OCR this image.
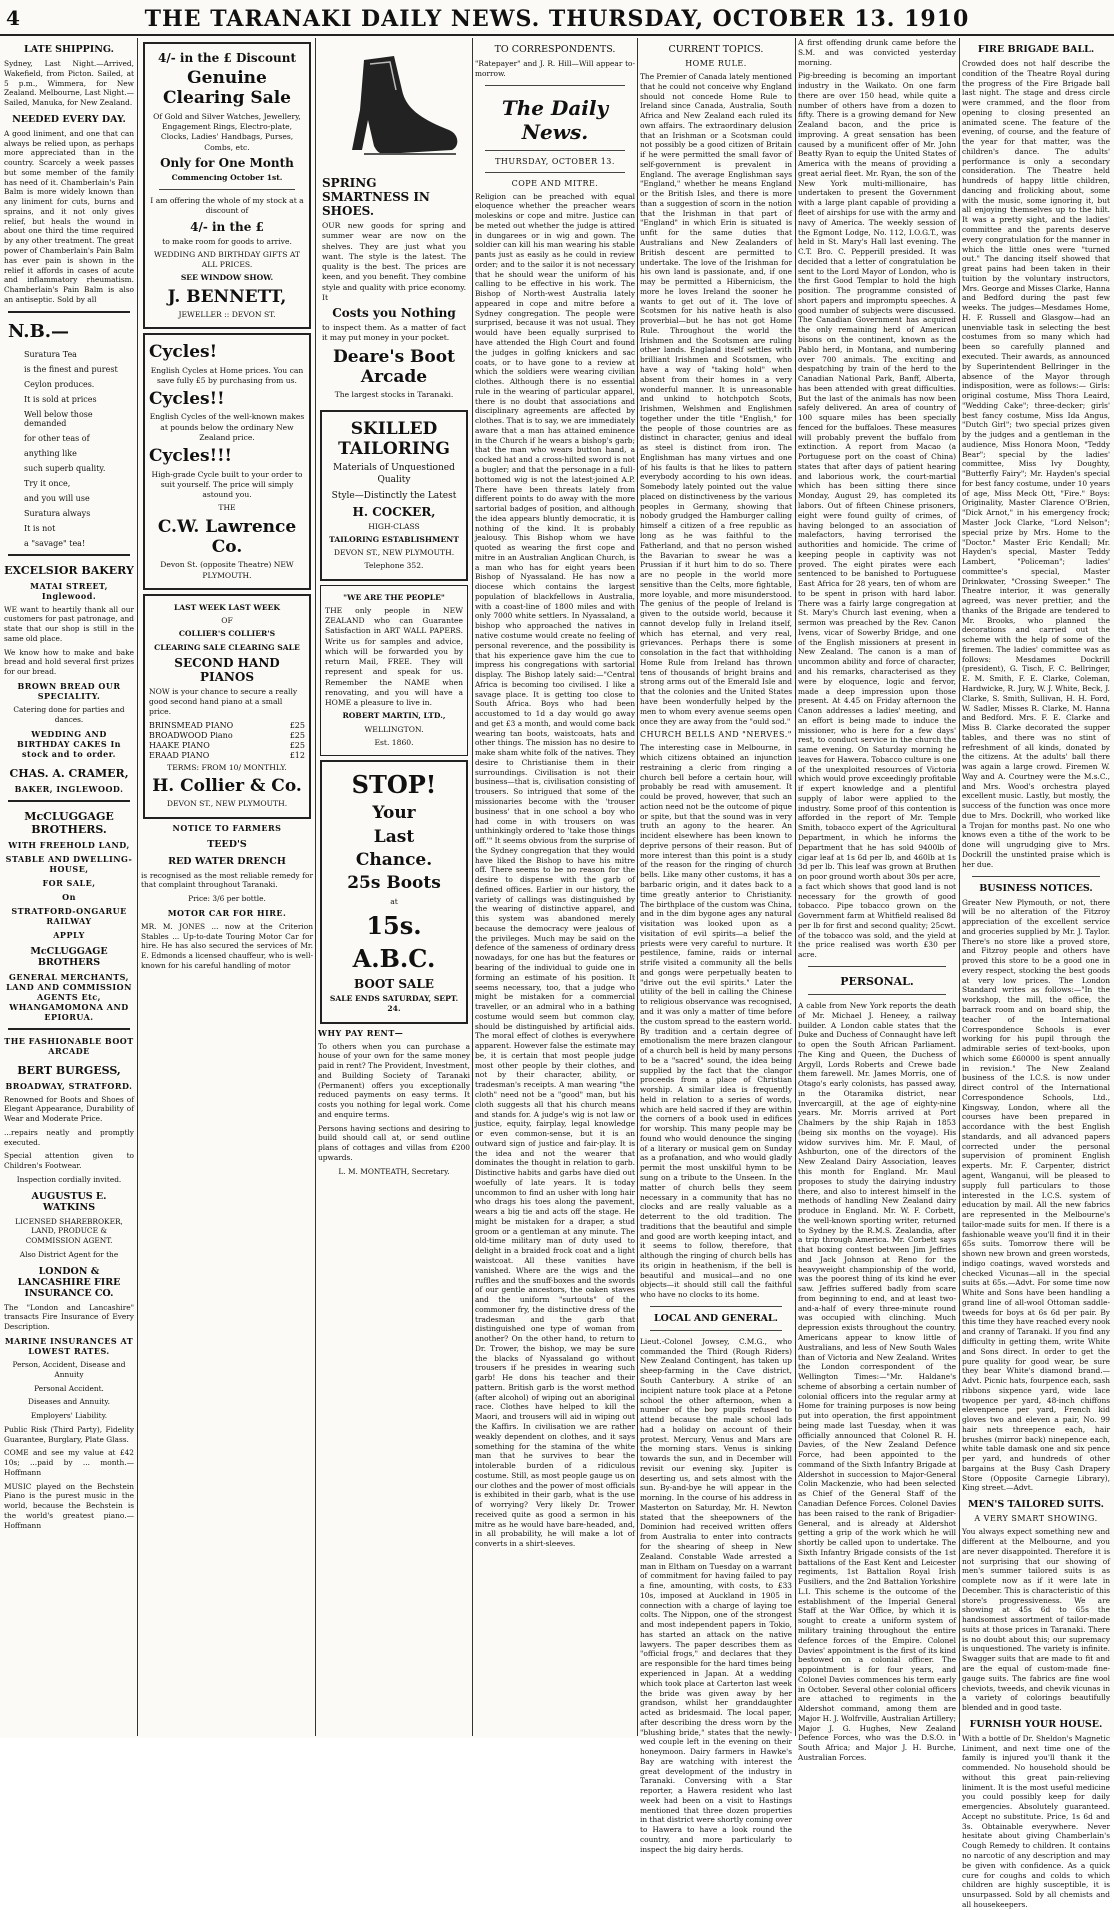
4	THE TARANAKI DAILY NEWS. THURSDAY, OCTOBER 13. 1910
LATE SHIPPING.

Sydney, Last Night.—Arrived, Wakefield, from Picton. Sailed, at 5 p.m., Wimmera, for New Zealand. Melbourne, Last Night.—Sailed, Manuka, for New Zealand.

NEEDED EVERY DAY.

A good liniment, and one that can always be relied upon, as perhaps more appreciated than in the country. Scarcely a week passes but some member of the family has need of it. Chamberlain's Pain Balm is more widely known than any liniment for cuts, burns and sprains, and it not only gives relief, but heals the wound in about one third the time required by any other treatment. The great power of Chamberlain's Pain Balm has ever pain is shown in the relief it affords in cases of acute and inflammatory rheumatism. Chamberlain's Pain Balm is also an antiseptic. Sold by all

N.B.—
Suratura Tea
is the finest and purest
Ceylon produces.
It is sold at prices
Well below those demanded
for other teas of
anything like
such superb quality.
Try it once,
and you will use
Suratura always
It is not
a "savage" tea!
EXCELSIOR BAKERY
MATAI STREET, Inglewood.

WE want to heartily thank all our customers for past patronage, and state that our shop is still in the same old place.

We know how to make and bake bread and hold several first prizes for our bread.

BROWN BREAD OUR SPECIALITY.

Catering done for parties and dances.

WEDDING AND BIRTHDAY CAKES In stock and to order.
CHAS. A. CRAMER,
BAKER, INGLEWOOD.
McCLUGGAGE BROTHERS.
WITH FREEHOLD LAND,
STABLE AND DWELLING-HOUSE,
FOR SALE,
On
STRATFORD-ONGARUE RAILWAY
APPLY
McCLUGGAGE BROTHERS
GENERAL MERCHANTS, LAND AND COMMISSION AGENTS Etc, WHANGAMOMONA AND EPIORUA.
THE FASHIONABLE BOOT ARCADE
BERT BURGESS,
BROADWAY, STRATFORD.

Renowned for Boots and Shoes of Elegant Appearance, Durability of Wear and Moderate Price.

...repairs neatly and promptly executed.

Special attention given to Children's Footwear.

Inspection cordially invited.

AUGUSTUS E. WATKINS

LICENSED SHAREBROKER, LAND, PRODUCE & COMMISSION AGENT.

Also District Agent for the

LONDON & LANCASHIRE FIRE INSURANCE CO.

The "London and Lancashire" transacts Fire Insurance of Every Description.

MARINE INSURANCES AT LOWEST RATES.

Person, Accident, Disease and Annuity

Personal Accident.

Diseases and Annuity.

Employers' Liability.

Public Risk (Third Party), Fidelity Guarantee, Burglary, Plate Glass.

COME and see my value at £42 10s; ...paid by ... month.—Hoffmann

MUSIC played on the Bechstein Piano is the purest music in the world, because the Bechstein is the world's greatest piano.—Hoffmann

4/- in the £ Discount
Genuine Clearing Sale
Of Gold and Silver Watches, Jewellery, Engagement Rings, Electro-plate, Clocks, Ladies' Handbags, Purses, Combs, etc.
Only for One Month
Commencing October 1st.
I am offering the whole of my stock at a discount of
4/- in the £
to make room for goods to arrive.
WEDDING AND BIRTHDAY GIFTS AT ALL PRICES.
SEE WINDOW SHOW.
J. BENNETT,
JEWELLER :: DEVON ST.
Cycles!
English Cycles at Home prices. You can save fully £5 by purchasing from us.
Cycles!!
English Cycles of the well-known makes at pounds below the ordinary New Zealand price.
Cycles!!!
High-grade Cycle built to your order to suit yourself. The price will simply astound you.
THE
C.W. Lawrence Co.
Devon St. (opposite Theatre) NEW PLYMOUTH.
LAST WEEK LAST WEEK
OF
COLLIER'S COLLIER'S
CLEARING SALE CLEARING SALE
SECOND HAND PIANOS
NOW is your chance to secure a really good second hand piano at a small price.
BRINSMEAD PIANO	£25
BROADWOOD Piano	£25
HAAKE PIANO	£25
ERAAD PIANO	£12
TERMS: FROM 10/ MONTHLY.
H. Collier & Co.
DEVON ST., NEW PLYMOUTH.
NOTICE TO FARMERS
TEED'S
RED WATER DRENCH

is recognised as the most reliable remedy for that complaint throughout Taranaki.

Price: 3/6 per bottle.

MOTOR CAR FOR HIRE.

MR. M. JONES ... now at the Criterion Stables ... Up-to-date Touring Motor Car for hire. He has also secured the services of Mr. E. Edmonds a licensed chauffeur, who is well-known for his careful handling of motor

SPRING SMARTNESS IN SHOES.
OUR new goods for spring and summer wear are now on the shelves. They are just what you want. The style is the latest. The quality is the best. The prices are keen, and you benefit. They combine style and quality with price economy. It
Costs you Nothing
to inspect them. As a matter of fact it may put money in your pocket.
Deare's Boot Arcade
The largest stocks in Taranaki.
SKILLED TAILORING
Materials of Unquestioned Quality
Style—Distinctly the Latest
H. COCKER,
HIGH-CLASS
TAILORING ESTABLISHMENT
DEVON ST., NEW PLYMOUTH.
Telephone 352.
"WE ARE THE PEOPLE"
THE only people in NEW ZEALAND who can Guarantee Satisfaction in ART WALL PAPERS. Write us for samples and advice, which will be forwarded you by return Mail, FREE. They will represent and speak for us. Remember the NAME when renovating, and you will have a HOME a pleasure to live in.
ROBERT MARTIN, LTD.,
WELLINGTON.
Est. 1860.
STOP!
Your
Last
Chance.
25s Boots
at
15s.
A.B.C.
BOOT SALE
SALE ENDS SATURDAY, SEPT. 24.
WHY PAY RENT—

To others when you can purchase a house of your own for the same money paid in rent? The Provident, Investment, and Building Society of Taranaki (Permanent) offers you exceptionally reduced payments on easy terms. It costs you nothing for legal work. Come and enquire terms.

Persons having sections and desiring to build should call at, or send outline plans of cottages and villas from £200 upwards.

L. M. MONTEATH, Secretary.

TO CORRESPONDENTS.

"Ratepayer" and J. R. Hill—Will appear to-morrow.

The Daily News.
THURSDAY, OCTOBER 13.
COPE AND MITRE.

Religion can be preached with equal eloquence whether the preacher wears moleskins or cope and mitre. Justice can be meted out whether the judge is attired in dungarees or in wig and gown. The soldier can kill his man wearing his stable pants just as easily as he could in review order; and to the sailor it is not necessary that he should wear the uniform of his calling to be effective in his work. The Bishop of North-west Australia lately appeared in cope and mitre before a Sydney congregation. The people were surprised, because it was not usual. They would have been equally surprised to have attended the High Court and found the judges in golfing knickers and sac coats, or to have gone to a review at which the soldiers were wearing civilian clothes. Although there is no essential rule in the wearing of particular apparel, there is no doubt that associations and disciplinary agreements are affected by clothes. That is to say, we are immediately aware that a man has attained eminence in the Church if he wears a bishop's garb; that the man who wears button hand, a cocked hat and a cross-hilted sword is not a bugler; and that the personage in a full-bottomed wig is not the latest-joined A.P. There have been threats lately from different points to do away with the more sartorial badges of position, and although the idea appears bluntly democratic, it is nothing of the kind. It is probably jealousy. This Bishop whom we have quoted as wearing the first cope and mitre in an Australian Anglican Church, is a man who has for eight years been Bishop of Nyassaland. He has now a diocese which contains the largest population of blackfellows in Australia, with a coast-line of 1800 miles and with only 7000 white settlers. In Nyassaland, a bishop who approached the natives in native costume would create no feeling of personal reverence, and the possibility is that his experience gave him the cue to impress his congregations with sartorial display. The Bishop lately said:—"Central Africa is becoming too civilised. I like a savage place. It is getting too close to South Africa. Boys who had been accustomed to 1d a day would go away and get £3 a month, and would come back wearing tan boots, waistcoats, hats and other things. The mission has no desire to make sham white folk of the natives. They desire to Christianise them in their surroundings. Civilisation is not their business—that is, civilisation consisting of trousers. So intrigued that some of the missionaries become with the 'trouser business' that in one school a boy who had come in with trousers on was unthinkingly ordered to 'take those things off.'" It seems obvious from the surprise of the Sydney congregation that they would have liked the Bishop to have his mitre off. There seems to be no reason for the desire to dispense with the garb of defined offices. Earlier in our history, the variety of callings was distinguished by the wearing of distinctive apparel, and this system was abandoned merely because the democracy were jealous of the privileges. Much may be said on the defence of the sameness of ordinary dress nowadays, for one has but the features or bearing of the individual to guide one in forming an estimate of his position. It seems necessary, too, that a judge who might be mistaken for a commercial traveller, or an admiral who in a bathing costume would seem but common clay, should be distinguished by artificial aids. The moral effect of clothes is everywhere apparent. However false the estimate may be, it is certain that most people judge most other people by their clothes, and not by their character, ability, or tradesman's receipts. A man wearing "the cloth" need not be a "good" man, but his cloth suggests all that his church means and stands for. A judge's wig is not law or justice, equity, fairplay, legal knowledge or even common-sense, but it is an outward sign of justice and fair-play. It is the idea and not the wearer that dominates the thought in relation to garb. Distinctive habits and garbs have died out woefully of late years. It is today uncommon to find an usher with long hair who drags his toes along the pavement, wears a big tie and acts off the stage. He might be mistaken for a draper, a stud groom or a gentleman at any minute. The old-time military man of duty used to delight in a braided frock coat and a light waistcoat. All these vanities have vanished. Where are the wigs and the ruffles and the snuff-boxes and the swords of our gentle ancestors, the oaken staves and the uniform "surtouts" of the commoner fry, the distinctive dress of the tradesman and the garb that distinguished one type of woman from another? On the other hand, to return to Dr. Trower, the bishop, we may be sure the blacks of Nyassaland go without trousers if he presides in wearing such garb! He dons his teacher and their pattern. British garb is the worst method (after alcohol) of wiping out an aboriginal race. Clothes have helped to kill the Maori, and trousers will aid in wiping out the Kaffirs. In civilisation we are rather weakly dependent on clothes, and it says something for the stamina of the white man that he survives to bear the intolerable burden of a ridiculous costume. Still, as most people gauge us on our clothes and the power of most officials is exhibited in their garb, what is the use of worrying? Very likely Dr. Trower received quite as good a sermon in his mitre as he would have bare-headed, and, in all probability, he will make a lot of converts in a shirt-sleeves.

CURRENT TOPICS.
HOME RULE.

The Premier of Canada lately mentioned that he could not conceive why England should not concede Home Rule to Ireland since Canada, Australia, South Africa and New Zealand each ruled its own affairs. The extraordinary delusion that an Irishman or a Scotsman could not possibly be a good citizen of Britain if he were permitted the small favor of self-government is prevalent in England. The average Englishman says "England," whether he means England or the British Isles, and there is more than a suggestion of scorn in the notion that the Irishman in that part of "England" in which Erin is situated is unfit for the same duties that Australians and New Zealanders of British descent are permitted to undertake. The love of the Irishman for his own land is passionate, and, if one may be permitted a Hibernicism, the more he loves Ireland the sooner he wants to get out of it. The love of Scotsmen for his native heath is also proverbial—but he has not got Home Rule. Throughout the world the Irishmen and the Scotsmen are ruling other lands. England itself settles with brilliant Irishmen and Scotsmen, who have a way of "taking hold" when absent from their homes in a very wonderful manner. It is unreasonable and unkind to hotchpotch Scots, Irishmen, Welshmen and Englishmen together under the title "English," for the people of those countries are as distinct in character, genius and ideal as steel is distinct from iron. The Englishman has many virtues and one of his faults is that he likes to pattern everybody according to his own ideas. Somebody lately pointed out the value placed on distinctiveness by the various peoples in Germany, showing that nobody grudged the Hamburger calling himself a citizen of a free republic as long as he was faithful to the Fatherland, and that no person wished the Bavarian to swear he was a Prussian if it hurt him to do so. There are no people in the world more sensitive than the Celts, more fightable, more loyable, and more misunderstood. The genius of the people of Ireland is given to the outside world, because it cannot develop fully in Ireland itself, which has eternal, and very real, grievances. Perhaps there is some consolation in the fact that withholding Home Rule from Ireland has thrown tens of thousands of bright brains and strong arms out of the Emerald Isle and that the colonies and the United States have been wonderfully helped by the men to whom every avenue seems open once they are away from the "ould sod."

CHURCH BELLS AND "NERVES."

The interesting case in Melbourne, in which citizens obtained an injunction restraining a cleric from ringing a church bell before a certain hour, will probably be read with amusement. It could be proved, however, that such an action need not be the outcome of pique or spite, but that the sound was in very truth an agony to the hearer. An incident elsewhere has been known to deprive persons of their reason. But of more interest than this point is a study of the reason for the ringing of church bells. Like many other customs, it has a barbaric origin, and it dates back to a time greatly anterior to Christianity. The birthplace of the custom was China, and in the dim bygone ages any natural visitation was looked upon as a visitation of evil spirits—a belief the priests were very careful to nurture. It pestilence, famine, raids or internal strife visited a community all the bells and gongs were perpetually beaten to "drive out the evil spirits." Later the utility of the bell in calling the Chinese to religious observance was recognised, and it was only a matter of time before the custom spread to the eastern world. By tradition and a certain degree of emotionalism the mere brazen clangour of a church bell is held by many persons to be a "sacred" sound, the idea being supplied by the fact that the clangor proceeds from a place of Christian worship. A similar idea is frequently held in relation to a series of words, which are held sacred if they are within the corners of a book used in edifices for worship. This many people may be found who would denounce the singing of a literary or musical gem on Sunday as a profanation, and who would gladly permit the most unskilful hymn to be sung on a tribute to the Unseen. In the matter of church bells they seem necessary in a community that has no clocks and are really valuable as a deterrent to the old tradition. The traditions that the beautiful and simple and good are worth keeping intact, and it seems to follow, therefore, that although the ringing of church bells has its origin in heathenism, if the bell is beautiful and musical—and no one objects—it should still call the faithful who have no clocks to its home.

LOCAL AND GENERAL.

Lieut.-Colonel Jowsey, C.M.G., who commanded the Third (Rough Riders) New Zealand Contingent, has taken up sheep-farming in the Cave district, South Canterbury. A strike of an incipient nature took place at a Petone school the other afternoon, when a number of the boy pupils refused to attend because the male school lads had a holiday on account of their protest. Mercury, Venus and Mars are the morning stars. Venus is sinking towards the sun, and in December will revisit our evening sky. Jupiter is deserting us, and sets almost with the sun. By-and-bye he will appear in the morning. In the course of his address in Masterton on Saturday, Mr. H. Newton stated that the sheepowners of the Dominion had received written offers from Australia to enter into contracts for the shearing of sheep in New Zealand. Constable Wade arrested a man in Eltham on Tuesday on a warrant of commitment for having failed to pay a fine, amounting, with costs, to £33 10s, imposed at Auckland in 1905 in connection with a charge of laying toe colts. The Nippon, one of the strongest and most independent papers in Tokio, has started an attack on the native lawyers. The paper describes them as "official frogs," and declares that they are responsible for the hard times being experienced in Japan. At a wedding which took place at Carterton last week the bride was given away by her grandson, whilst her granddaughter acted as bridesmaid. The local paper, after describing the dress worn by the "blushing bride," states that the newly-wed couple left in the evening on their honeymoon. Dairy farmers in Hawke's Bay are watching with interest the great development of the industry in Taranaki. Conversing with a Star reporter, a Hawera resident who last week had been on a visit to Hastings mentioned that three dozen properties in that district were shortly coming over to Hawera to have a look round the country, and more particularly to inspect the big dairy herds.

A first offending drunk came before the S.M. and was convicted yesterday morning.

Pig-breeding is becoming an important industry in the Waikato. On one farm there are over 150 head, while quite a number of others have from a dozen to fifty. There is a growing demand for New Zealand bacon, and the price is improving. A great sensation has been caused by a munificent offer of Mr. John Beatty Ryan to equip the United States of America with the means of providing a great aerial fleet. Mr. Ryan, the son of the New York multi-millionaire, has undertaken to present the Government with a large plant capable of providing a fleet of airships for use with the army and navy of America. The weekly session of the Egmont Lodge, No. 112, I.O.G.T., was held in St. Mary's Hall last evening. The C.T. Bro. C. Pepperill presided. It was decided that a letter of congratulation be sent to the Lord Mayor of London, who is the first Good Templar to hold the high position. The programme consisted of short papers and impromptu speeches. A good number of subjects were discussed. The Canadian Government has acquired the only remaining herd of American bisons on the continent, known as the Pablo herd, in Montana, and numbering over 700 animals. The exciting and despatching by train of the herd to the Canadian National Park, Banff, Alberta, has been attended with great difficulties. But the last of the animals has now been safely delivered. An area of country of 100 square miles has been specially fenced for the buffaloes. These measures will probably prevent the buffalo from extinction. A report from Macao (a Portuguese port on the coast of China) states that after days of patient hearing and laborious work, the court-martial which has been sitting there since Monday, August 29, has completed its labors. Out of fifteen Chinese prisoners, eight were found guilty of crimes, of having belonged to an association of malefactors, having terrorised the authorities and homicide. The crime of keeping people in captivity was not proved. The eight pirates were each sentenced to be banished to Portuguese East Africa for 28 years, ten of whom are to be spent in prison with hard labor. There was a fairly large congregation at St. Mary's Church last evening, when a sermon was preached by the Rev. Canon Ivens, vicar of Sowerby Bridge, and one of the English missioners at present in New Zealand. The canon is a man of uncommon ability and force of character, and his remarks, characterised as they were by eloquence, logic and fervor, made a deep impression upon those present. At 4.45 on Friday afternoon the Canon addresses a ladies' meeting, and an effort is being made to induce the missioner, who is here for a few days' rest, to conduct service in the church the same evening. On Saturday morning he leaves for Hawera. Tobacco culture is one of the unexploited resources of Victoria which would prove exceedingly profitable if expert knowledge and a plentiful supply of labor were applied to the industry. Some proof of this contention is afforded in the report of Mr. Temple Smith, tobacco expert of the Agricultural Department, in which he informs the Department that he has sold 9400lb of cigar leaf at 1s 6d per lb, and 460lb at 1s 3d per lb. This leaf was grown at Bruthen on poor ground worth about 30s per acre, a fact which shows that good land is not necessary for the growth of good tobacco. Pipe tobacco grown on the Government farm at Whitfield realised 8d per lb for first and second quality; 25cwt. of the tobacco was sold, and the yield at the price realised was worth £30 per acre.

PERSONAL.

A cable from New York reports the death of Mr. Michael J. Heneey, a railway builder. A London cable states that the Duke and Duchess of Connaught have left to open the South African Parliament. The King and Queen, the Duchess of Argyll, Lords Roberts and Crewe bade them farewell. Mr. James Morris, one of Otago's early colonists, has passed away, in the Otaramika district, near Invercargill, at the age of eighty-nine years. Mr. Morris arrived at Port Chalmers by the ship Rajah in 1853 (being six months on the voyage). His widow survives him. Mr. F. Maul, of Ashburton, one of the directors of the New Zealand Dairy Association, leaves this month for England. Mr. Maul proposes to study the dairying industry there, and also to interest himself in the methods of handling New Zealand dairy produce in England. Mr. W. F. Corbett, the well-known sporting writer, returned to Sydney by the R.M.S. Zealandia, after a trip through America. Mr. Corbett says that boxing contest between Jim Jeffries and Jack Johnson at Reno for the heavyweight championship of the world, was the poorest thing of its kind he ever saw. Jeffries suffered badly from scare from beginning to end, and at least two-and-a-half of every three-minute round was occupied with clinching. Much depression exists throughout the country. Americans appear to know little of Australians, and less of New South Wales than of Victoria and New Zealand. Writes the London correspondent of the Wellington Times:—"Mr. Haldane's scheme of absorbing a certain number of colonial officers into the regular army at Home for training purposes is now being put into operation, the first appointment being made last Tuesday, when it was officially announced that Colonel R. H. Davies, of the New Zealand Defence Force, had been appointed to the command of the Sixth Infantry Brigade at Aldershot in succession to Major-General Colin Mackenzie, who had been selected as Chief of the General Staff of the Canadian Defence Forces. Colonel Davies has been raised to the rank of Brigadier-General, and is already at Aldershot getting a grip of the work which he will shortly be called upon to undertake. The Sixth Infantry Brigade consists of the 1st battalions of the East Kent and Leicester regiments, 1st Battalion Royal Irish Fusiliers, and the 2nd Battalion Yorkshire L.I. This scheme is the outcome of the establishment of the Imperial General Staff at the War Office, by which it is sought to create a uniform system of military training throughout the entire defence forces of the Empire. Colonel Davies' appointment is the first of its kind bestowed on a colonial officer. The appointment is for four years, and Colonel Davies commences his term early in October. Several other colonial officers are attached to regiments in the Aldershot command, among them are Major H. J. Wolfrville, Australian Artillery; Major J. G. Hughes, New Zealand Defence Forces, who was the D.S.O. in South Africa; and Major J. H. Burche, Australian Forces.

FIRE BRIGADE BALL.

Crowded does not half describe the condition of the Theatre Royal during the progress of the Fire Brigade ball last night. The stage and dress circle were crammed, and the floor from opening to closing presented an animated scene. The feature of the evening, of course, and the feature of the year for that matter, was the children's dance. The adults' performance is only a secondary consideration. The Theatre held hundreds of happy little children, dancing and frolicking about, some with the music, some ignoring it, but all enjoying themselves up to the hilt. It was a pretty sight, and the ladies' committee and the parents deserve every congratulation for the manner in which the little ones were "turned out." The dancing itself showed that great pains had been taken in their tuition by the voluntary instructors, Mrs. George and Misses Clarke, Hanna and Bedford during the past few weeks. The judges—Mesdames Home, H. F. Russell and Glasgow—had an unenviable task in selecting the best costumes from so many which had been so carefully planned and executed. Their awards, as announced by Superintendent Bellringer in the absence of the Mayor through indisposition, were as follows:— Girls: original costume, Miss Thora Leaird, "Wedding Cake"; three-decker; girls' best fancy costume, Miss Ida Angus, "Dutch Girl"; two special prizes given by the judges and a gentleman in the audience, Miss Honora Moon, "Teddy Bear"; special by the ladies' committee, Miss Ivy Doughty, "Butterfly Fairy"; Mr. Hayden's special for best fancy costume, under 10 years of age, Miss Meck Ott, "Fire." Boys: Originality, Master Clarence O'Brien, "Dick Arnot," in his emergency frock; Master Jock Clarke, "Lord Nelson"; special prize by Mrs. Home to the "Doctor." Master Eric Kendall; Mr. Hayden's special, Master Teddy Lambert, "Policeman"; ladies' committee's special, Master Drinkwater, "Crossing Sweeper." The Theatre interior, it was generally agreed, was never prettier, and the thanks of the Brigade are tendered to Mr. Brooks, who planned the decorations and carried out the scheme with the help of some of the firemen. The ladies' committee was as follows: Mesdames Dockrill (president), G. Tisch, F. C. Bellringer, E. M. Smith, F. E. Clarke, Coleman, Hardwicke, R. Jury, W. J. White, Beck, J. Clarke, S. Smith, Sullivan, H. H. Ford, W. Sadler, Misses R. Clarke, M. Hanna and Bedford. Mrs. F. E. Clarke and Miss B. Clarke decorated the supper tables, and there was no stint of refreshment of all kinds, donated by the citizens. At the adults' ball there was again a large crowd. Firemen W. Way and A. Courtney were the M.s.C., and Mrs. Wood's orchestra played excellent music. Lastly, but mostly, the success of the function was once more due to Mrs. Dockrill, who worked like a Trojan for months past. No one who knows even a tithe of the work to be done will ungrudging give to Mrs. Dockrill the unstinted praise which is her due.

BUSINESS NOTICES.

Greater New Plymouth, or not, there will be no alteration of the Fitzroy appreciation of the excellent service and groceries supplied by Mr. J. Taylor. There's no store like a proved store, and Fitzroy people and others have proved this store to be a good one in every respect, stocking the best goods at very low prices. The London Standard writes as follows:—"In the workshop, the mill, the office, the barrack room and on board ship, the teacher of the International Correspondence Schools is ever working for his pupil through the admirable series of text-books, upon which some £60000 is spent annually in revision." The New Zealand business of the I.C.S. is now under direct control of the International Correspondence Schools, Ltd., Kingsway, London, where all the courses have been prepared in accordance with the best English standards, and all advanced papers corrected under the personal supervision of prominent English experts. Mr. F. Carpenter, district agent, Wanganui, will be pleased to supply full particulars to those interested in the I.C.S. system of education by mail. All the new fabrics are represented in the Melbourne's tailor-made suits for men. If there is a fashionable weave you'll find it in their 65s suits. Tomorrow there will be shown new brown and green worsteds, indigo coatings, waved worsteds and checked Vicunas—all in the special suits at 65s.—Advt. For some time now White and Sons have been handling a grand line of all-wool Ottoman saddle-tweeds for boys at 6s 6d per pair. By this time they have reached every nook and cranny of Taranaki. If you find any difficulty in getting them, write White and Sons direct. In order to get the pure quality for good wear, be sure they bear White's diamond brand.—Advt. Picnic hats, fourpence each, sash ribbons sixpence yard, wide lace twopence per yard, 48-inch chiffons elevenpence per yard, French kid gloves two and eleven a pair, No. 99 hair nets threepence each, hair brushes (mirror back) ninepence each, white table damask one and six pence per yard, and hundreds of other bargains at the Busy Cash Drapery Store (Opposite Carnegie Library), King street.—Advt.

MEN'S TAILORED SUITS.
A VERY SMART SHOWING.

You always expect something new and different at the Melbourne, and you are never disappointed. Therefore it is not surprising that our showing of men's summer tailored suits is as complete now as if it were late in December. This is characteristic of this store's progressiveness. We are showing at 45s 6d to 65s the handsomest assortment of tailor-made suits at those prices in Taranaki. There is no doubt about this; our supremacy is unquestioned. The variety is infinite. Swagger suits that are made to fit and are the equal of custom-made fine-gauge suits. The fabrics are fine wool cheviots, tweeds, and chevik vicunas in a variety of colorings beautifully blended and in good taste.

FURNISH YOUR HOUSE.

With a bottle of Dr. Sheldon's Magnetic Liniment, and next time one of the family is injured you'll thank it the commended. No household should be without this great pain-relieving liniment. It is the most useful medicine you could possibly keep for daily emergencies. Absolutely guaranteed. Accept no substitute. Price, 1s 6d and 3s. Obtainable everywhere. Never hesitate about giving Chamberlain's Cough Remedy to children. It contains no narcotic of any description and may be given with confidence. As a quick cure for coughs and colds to which children are highly susceptible, it is unsurpassed. Sold by all chemists and all housekeepers.
